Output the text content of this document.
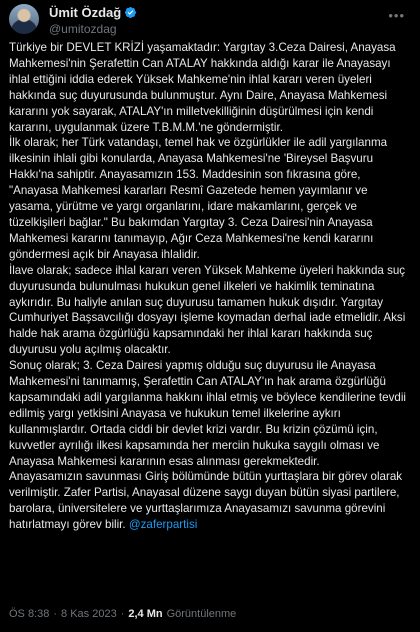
Ümit Özdağ
@umitozdag
•••
Türkiye bir DEVLET KRİZİ yaşamaktadır: Yargıtay 3.Ceza Dairesi, Anayasa Mahkemesi'nin Şerafettin Can ATALAY hakkında aldığı karar ile Anayasayı ihlal ettiğini iddia ederek Yüksek Mahkeme'nin ihlal kararı veren üyeleri hakkında suç duyurusunda bulunmuştur. Aynı Daire, Anayasa Mahkemesi kararını yok sayarak, ATALAY'ın milletvekilliğinin düşürülmesi için kendi kararını, uygulanmak üzere T.B.M.M.'ne göndermiştir.
İlk olarak; her Türk vatandaşı, temel hak ve özgürlükler ile adil yargılanma ilkesinin ihlali gibi konularda, Anayasa Mahkemesi'ne 'Bireysel Başvuru Hakkı'na sahiptir. Anayasamızın 153. Maddesinin son fıkrasına göre, "Anayasa Mahkemesi kararları Resmî Gazetede hemen yayımlanır ve yasama, yürütme ve yargı organlarını, idare makamlarını, gerçek ve tüzelkişileri bağlar." Bu bakımdan Yargıtay 3. Ceza Dairesi'nin Anayasa Mahkemesi kararını tanımayıp, Ağır Ceza Mahkemesi'ne kendi kararını göndermesi açık bir Anayasa ihlalidir.
İlave olarak; sadece ihlal kararı veren Yüksek Mahkeme üyeleri hakkında suç duyurusunda bulunulması hukukun genel ilkeleri ve hakimlik teminatına aykırıdır. Bu haliyle anılan suç duyurusu tamamen hukuk dışıdır. Yargıtay Cumhuriyet Başsavcılığı dosyayı işleme koymadan derhal iade etmelidir. Aksi halde hak arama özgürlüğü kapsamındaki her ihlal kararı hakkında suç duyurusu yolu açılmış olacaktır.
Sonuç olarak; 3. Ceza Dairesi yapmış olduğu suç duyurusu ile Anayasa Mahkemesi'ni tanımamış, Şerafettin Can ATALAY'ın hak arama özgürlüğü kapsamındaki adil yargılanma hakkını ihlal etmiş ve böylece kendilerine tevdii edilmiş yargı yetkisini Anayasa ve hukukun temel ilkelerine aykırı kullanmışlardır. Ortada ciddi bir devlet krizi vardır. Bu krizin çözümü için, kuvvetler ayrılığı ilkesi kapsamında her merciin hukuka saygılı olması ve Anayasa Mahkemesi kararının esas alınması gerekmektedir.
Anayasamızın savunması Giriş bölümünde bütün yurttaşlara bir görev olarak verilmiştir. Zafer Partisi, Anayasal düzene saygı duyan bütün siyasi partilere, barolara, üniversitelere ve yurttaşlarımıza Anayasamızı savunma görevini hatırlatmayı görev bilir. @zaferpartisi
ÖS 8:38 · 8 Kas 2023 · 2,4 Mn Görüntülenme
